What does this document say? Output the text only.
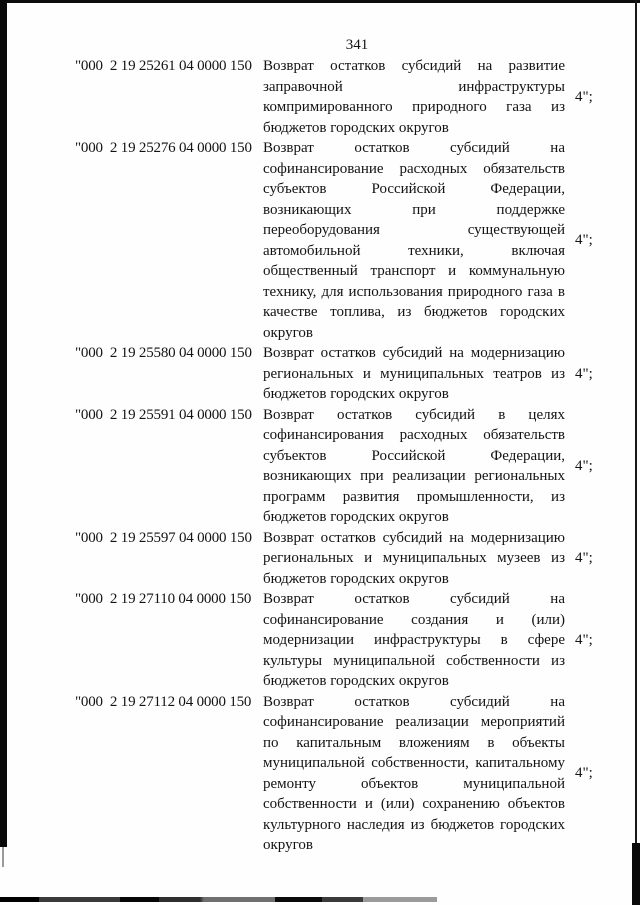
341
"000  2 19 25261 04 0000 150 Возврат остатков субсидий на развитие заправочной инфраструктуры компримированного природного газа из бюджетов городских округов
4";
"000  2 19 25276 04 0000 150 Возврат остатков субсидий на софинансирование расходных обязательств субъектов Российской Федерации, возникающих при поддержке переоборудования существующей автомобильной техники, включая общественный транспорт и коммунальную технику, для использования природного газа в качестве топлива, из бюджетов городских округов
4";
"000  2 19 25580 04 0000 150 Возврат остатков субсидий на модернизацию региональных и муниципальных театров из бюджетов городских округов
4";
"000  2 19 25591 04 0000 150 Возврат остатков субсидий в целях софинансирования расходных обязательств субъектов Российской Федерации, возникающих при реализации региональных программ развития промышленности, из бюджетов городских округов
4";
"000  2 19 25597 04 0000 150 Возврат остатков субсидий на модернизацию региональных и муниципальных музеев из бюджетов городских округов
4";
"000  2 19 27110 04 0000 150 Возврат остатков субсидий на софинансирование создания и (или) модернизации инфраструктуры в сфере культуры муниципальной собственности из бюджетов городских округов
4";
"000  2 19 27112 04 0000 150 Возврат остатков субсидий на софинансирование реализации мероприятий по капитальным вложениям в объекты муниципальной собственности, капитальному ремонту объектов муниципальной собственности и (или) сохранению объектов культурного наследия из бюджетов городских округов
4";
